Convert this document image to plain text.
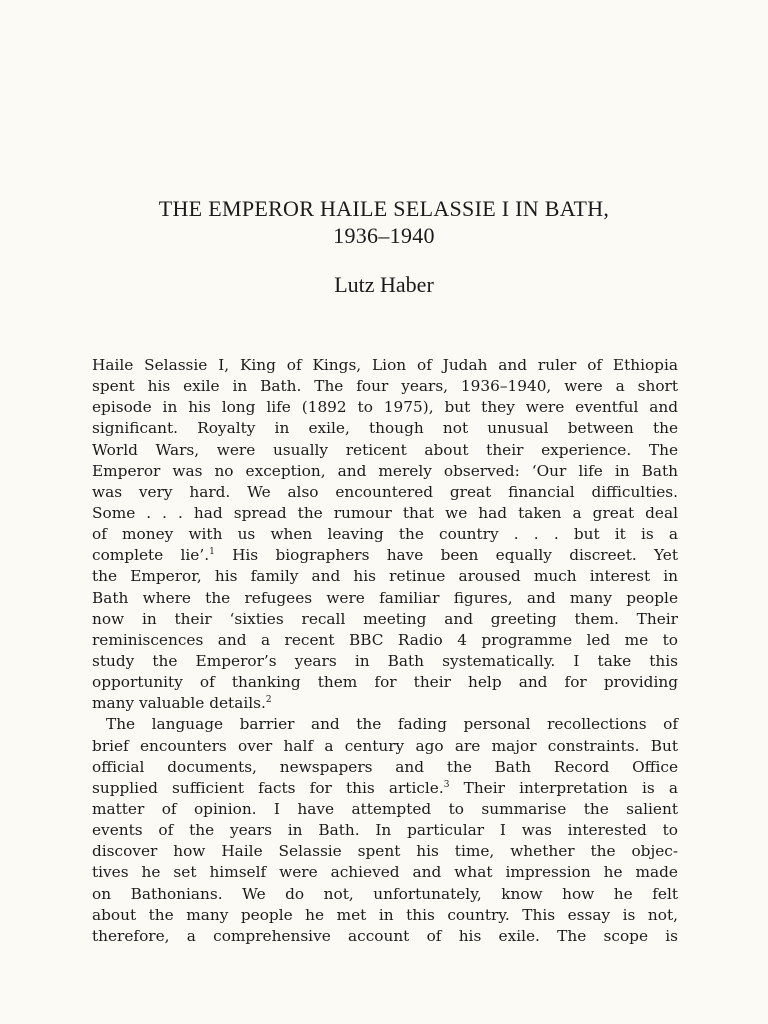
THE EMPEROR HAILE SELASSIE I IN BATH,
1936–1940
Lutz Haber
Haile Selassie I, King of Kings, Lion of Judah and ruler of Ethiopia
spent his exile in Bath. The four years, 1936–1940, were a short
episode in his long life (1892 to 1975), but they were eventful and
significant. Royalty in exile, though not unusual between the
World Wars, were usually reticent about their experience. The
Emperor was no exception, and merely observed: ‘Our life in Bath
was very hard. We also encountered great financial difficulties.
Some . . . had spread the rumour that we had taken a great deal
of money with us when leaving the country . . . but it is a
complete lie’.$^1$ His biographers have been equally discreet. Yet
the Emperor, his family and his retinue aroused much interest in
Bath where the refugees were familiar figures, and many people
now in their ‘sixties recall meeting and greeting them. Their
reminiscences and a recent BBC Radio 4 programme led me to
study the Emperor’s years in Bath systematically. I take this
opportunity of thanking them for their help and for providing
many valuable details.$^2$
The language barrier and the fading personal recollections of
brief encounters over half a century ago are major constraints. But
official documents, newspapers and the Bath Record Office
supplied sufficient facts for this article.$^3$ Their interpretation is a
matter of opinion. I have attempted to summarise the salient
events of the years in Bath. In particular I was interested to
discover how Haile Selassie spent his time, whether the objec-
tives he set himself were achieved and what impression he made
on Bathonians. We do not, unfortunately, know how he felt
about the many people he met in this country. This essay is not,
therefore, a comprehensive account of his exile. The scope is
